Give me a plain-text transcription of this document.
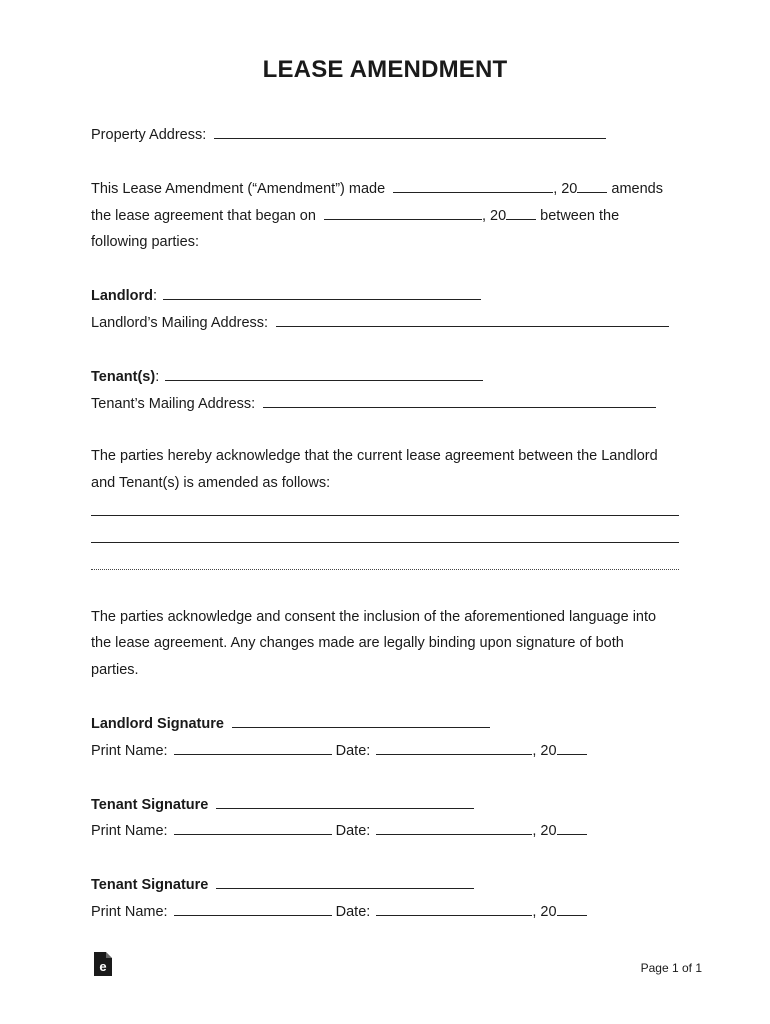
LEASE AMENDMENT
Property Address:
This Lease Amendment (“Amendment”) made	, 20 amends
the lease agreement that began on	, 20 between the
following parties:
Landlord:
Landlord’s Mailing Address:
Tenant(s):
Tenant’s Mailing Address:
The parties hereby acknowledge that the current lease agreement between the Landlord
and Tenant(s) is amended as follows:
The parties acknowledge and consent the inclusion of the aforementioned language into
the lease agreement. Any changes made are legally binding upon signature of both
parties.
Landlord Signature
Print Name:	Date:	, 20
Tenant Signature
Print Name:	Date:	, 20
Tenant Signature
Print Name:	Date:	, 20
e	Page 1 of 1
